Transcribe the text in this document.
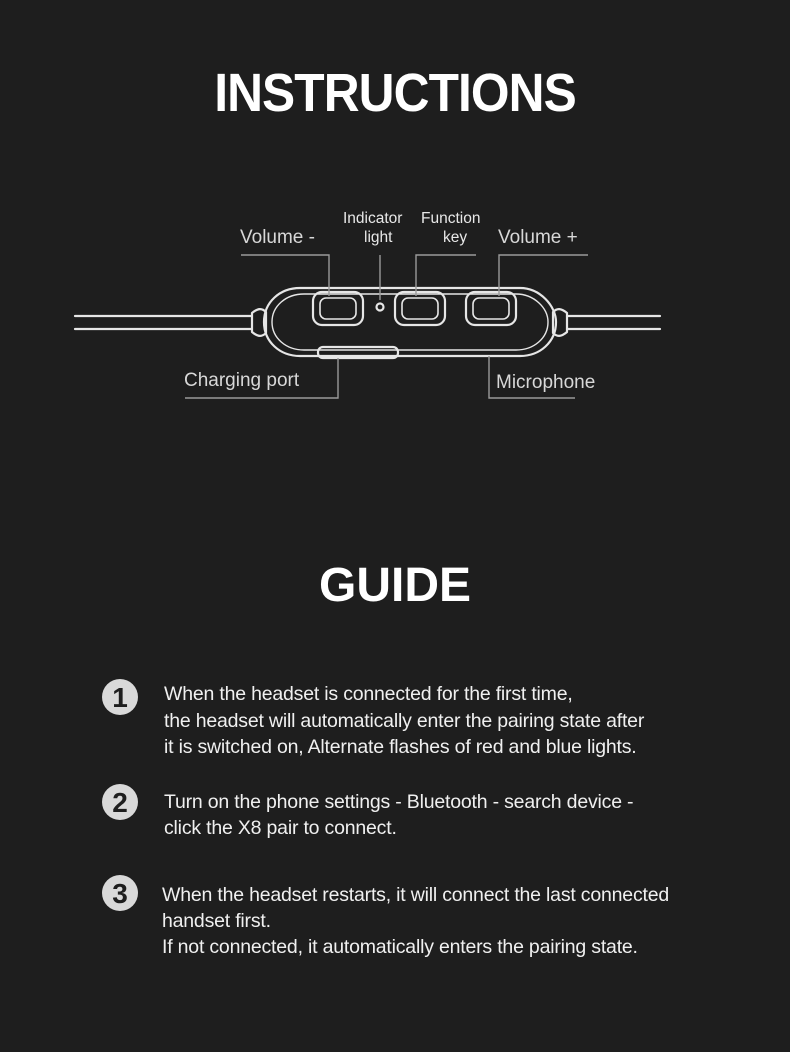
INSTRUCTIONS
Volume -
Indicator
light
Function
key Volume +
Charging port	Microphone
GUIDE
1	When the headset is connected for the first time,
the headset will automatically enter the pairing state after
it is switched on, Alternate flashes of red and blue lights.
2	Turn on the phone settings - Bluetooth - search device -
click the X8 pair to connect.
3	When the headset restarts, it will connect the last connected
handset first.
If not connected, it automatically enters the pairing state.
